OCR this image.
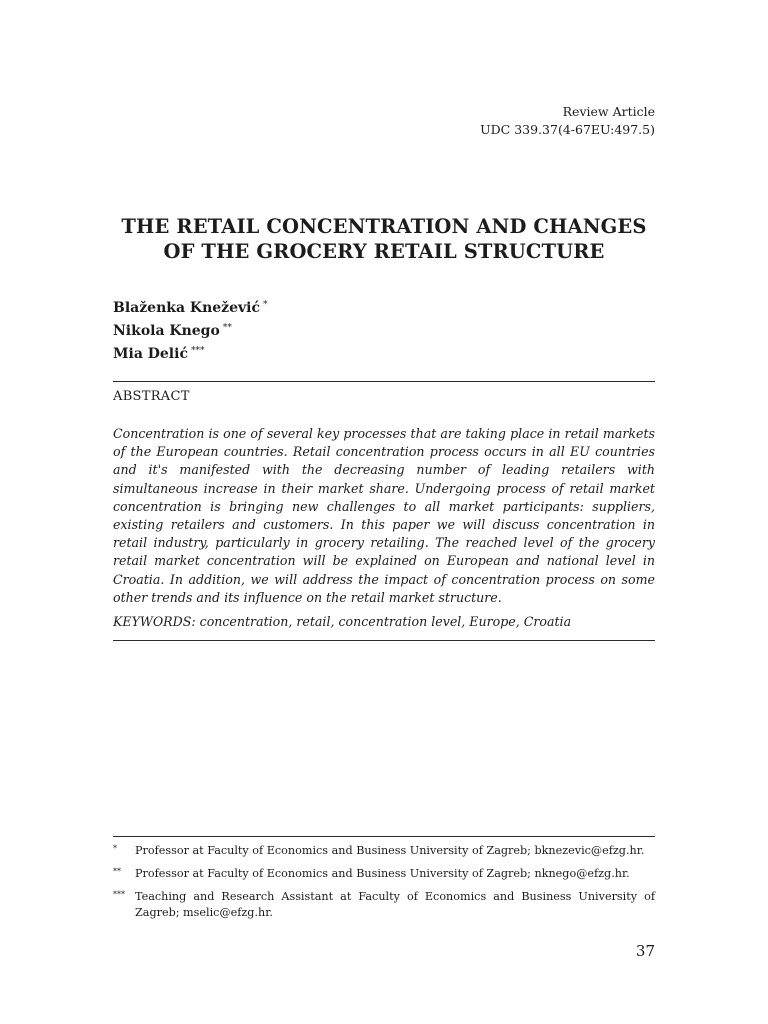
Review Article
UDC 339.37(4-67EU:497.5)
THE RETAIL CONCENTRATION AND CHANGES
OF THE GROCERY RETAIL STRUCTURE
Blaženka Knežević *
Nikola Knego **
Mia Delić ***
ABSTRACT
Concentration is one of several key processes that are taking place in retail markets of the European countries. Retail concentration process occurs in all EU countries and it's manifested with the decreasing number of leading retailers with simultaneous increase in their market share. Undergoing process of retail market concentration is bringing new challenges to all market participants: suppliers, existing retailers and customers. In this paper we will discuss concentration in retail industry, particularly in grocery retailing. The reached level of the grocery retail market concentration will be explained on European and national level in Croatia. In addition, we will address the impact of concentration process on some other trends and its influence on the retail market structure.
KEYWORDS: concentration, retail, concentration level, Europe, Croatia
*	Professor at Faculty of Economics and Business University of Zagreb; bknezevic@efzg.hr.
**	Professor at Faculty of Economics and Business University of Zagreb; nknego@efzg.hr.
*** Teaching and Research Assistant at Faculty of Economics and Business University of Zagreb; mselic@efzg.hr.
37
